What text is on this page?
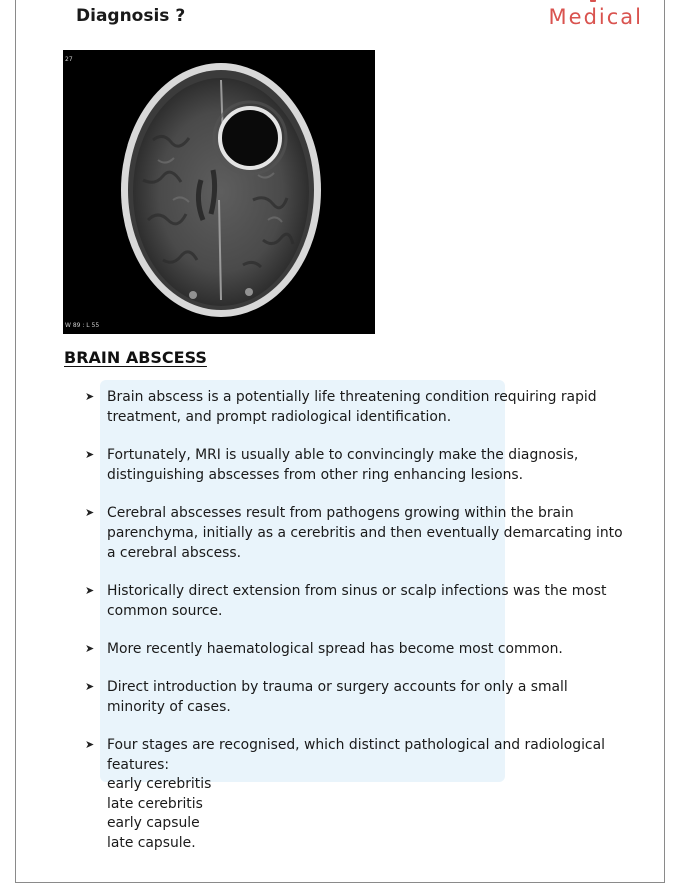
Diagnosis ?	Medical
27
W 89 : L 55
BRAIN ABSCESS
➤ Brain abscess is a potentially life threatening condition requiring rapid treatment, and prompt radiological identification.
➤ Fortunately, MRI is usually able to convincingly make the diagnosis, distinguishing abscesses from other ring enhancing lesions.
➤ Cerebral abscesses result from pathogens growing within the brain parenchyma, initially as a cerebritis and then eventually demarcating into a cerebral abscess.
➤ Historically direct extension from sinus or scalp infections was the most common source.
➤ More recently haematological spread has become most common.
➤ Direct introduction by trauma or surgery accounts for only a small minority of cases.
➤ Four stages are recognised, which distinct pathological and radiological features:
early cerebritis
late cerebritis
early capsule
late capsule.
